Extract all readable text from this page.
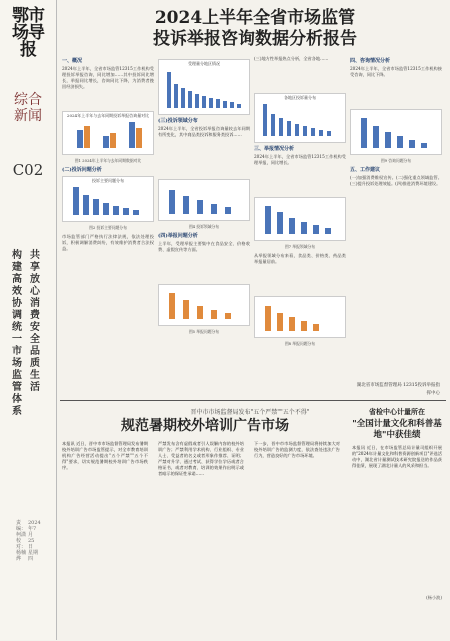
鄂市场导报
综合新闻
C02
构建高效协调 统一市场监管体系
共享放心消费 安全品质生活
责编：柯潇 校对：杨楠烨
2024年7月25日 星期四
2024上半年全省市场监管
投诉举报咨询数据分析报告
一、概况
2024年上半年，全省市场监管12315工作机构受理投诉举报咨询，同比增加……其中投诉同比增长，举报同比增长，咨询同比下降，为消费者挽回经济损失。
2024年上半年与去年同期投诉举报咨询量对比
图1 2024年上半年与去年同期数据对比
(二)投诉问题分析
投诉主要问题分布
图2 投诉主要问题分布
市场监管部门严格执行法律法规，依法处理投诉，积极调解消费纠纷，有效维护消费者合法权益。
受理量分地区情况
(三)投诉领域分布
2024年上半年，全省投诉举报咨询量较去年同期有所变化，其中商品类投诉和服务类投诉……
图4 投诉领域分布
(四)举报问题分析
上半年，受理举报主要集中在食品安全、价格收费、虚假宣传等方面。
图5 举报问题分布
(三)地方性举报热点分析，全省各地……
各地区投诉量分布
三、举报情况分析
2024年上半年，全省市场监管12315工作机构受理举报，同比增长。
图7 举报领域分布
从举报领域分布来看，食品类、价格类、药品类举报量居前。
图8 举报问题分布
四、咨询情况分析
2024年上半年，全省市场监管12315工作机构接受咨询，同比下降。
图9 咨询问题分布
五、工作建议
(一)加强消费维权宣传。(二)强化重点领域监管。(三)提升投诉处理效能。(四)推进消费环境建设。
湖北省市场监督管理局 12315投诉举报指挥中心
晋中市市场监督局发布"五个严禁""五个不得"
规范暑期校外培训广告市场
本报讯 近日，晋中市市场监督管理局发布暑期校外培训广告市场监管提示，对全市教育培训机构广告经营活动提出"五个严禁""五个不得"要求，切实规范暑期校外培训广告市场秩序。
严禁发布含有虚假或者引人误解内容的校外培训广告；严禁利用学术机构、行业组织、专业人士、受益者的名义或者形象作推荐、证明；严禁对升学、通过考试、获得学位学历或者合格证书，或者对教育、培训的效果作出明示或者暗示的保证性承诺……
下一步，晋中市市场监督管理局将持续加大对校外培训广告的监测力度，依法查处违法广告行为，营造良好的广告市场环境。
省检中心计量所在
"全国计量文化和科普基地"中获佳绩
本报讯 近日，在市场监管总局计量司组织开展的"2024年计量文化和科普资源创新项目"评选活动中，湖北省计量测试技术研究院报送的作品获得佳绩，展现了湖北计量人的风采和担当。
(杨小波)
